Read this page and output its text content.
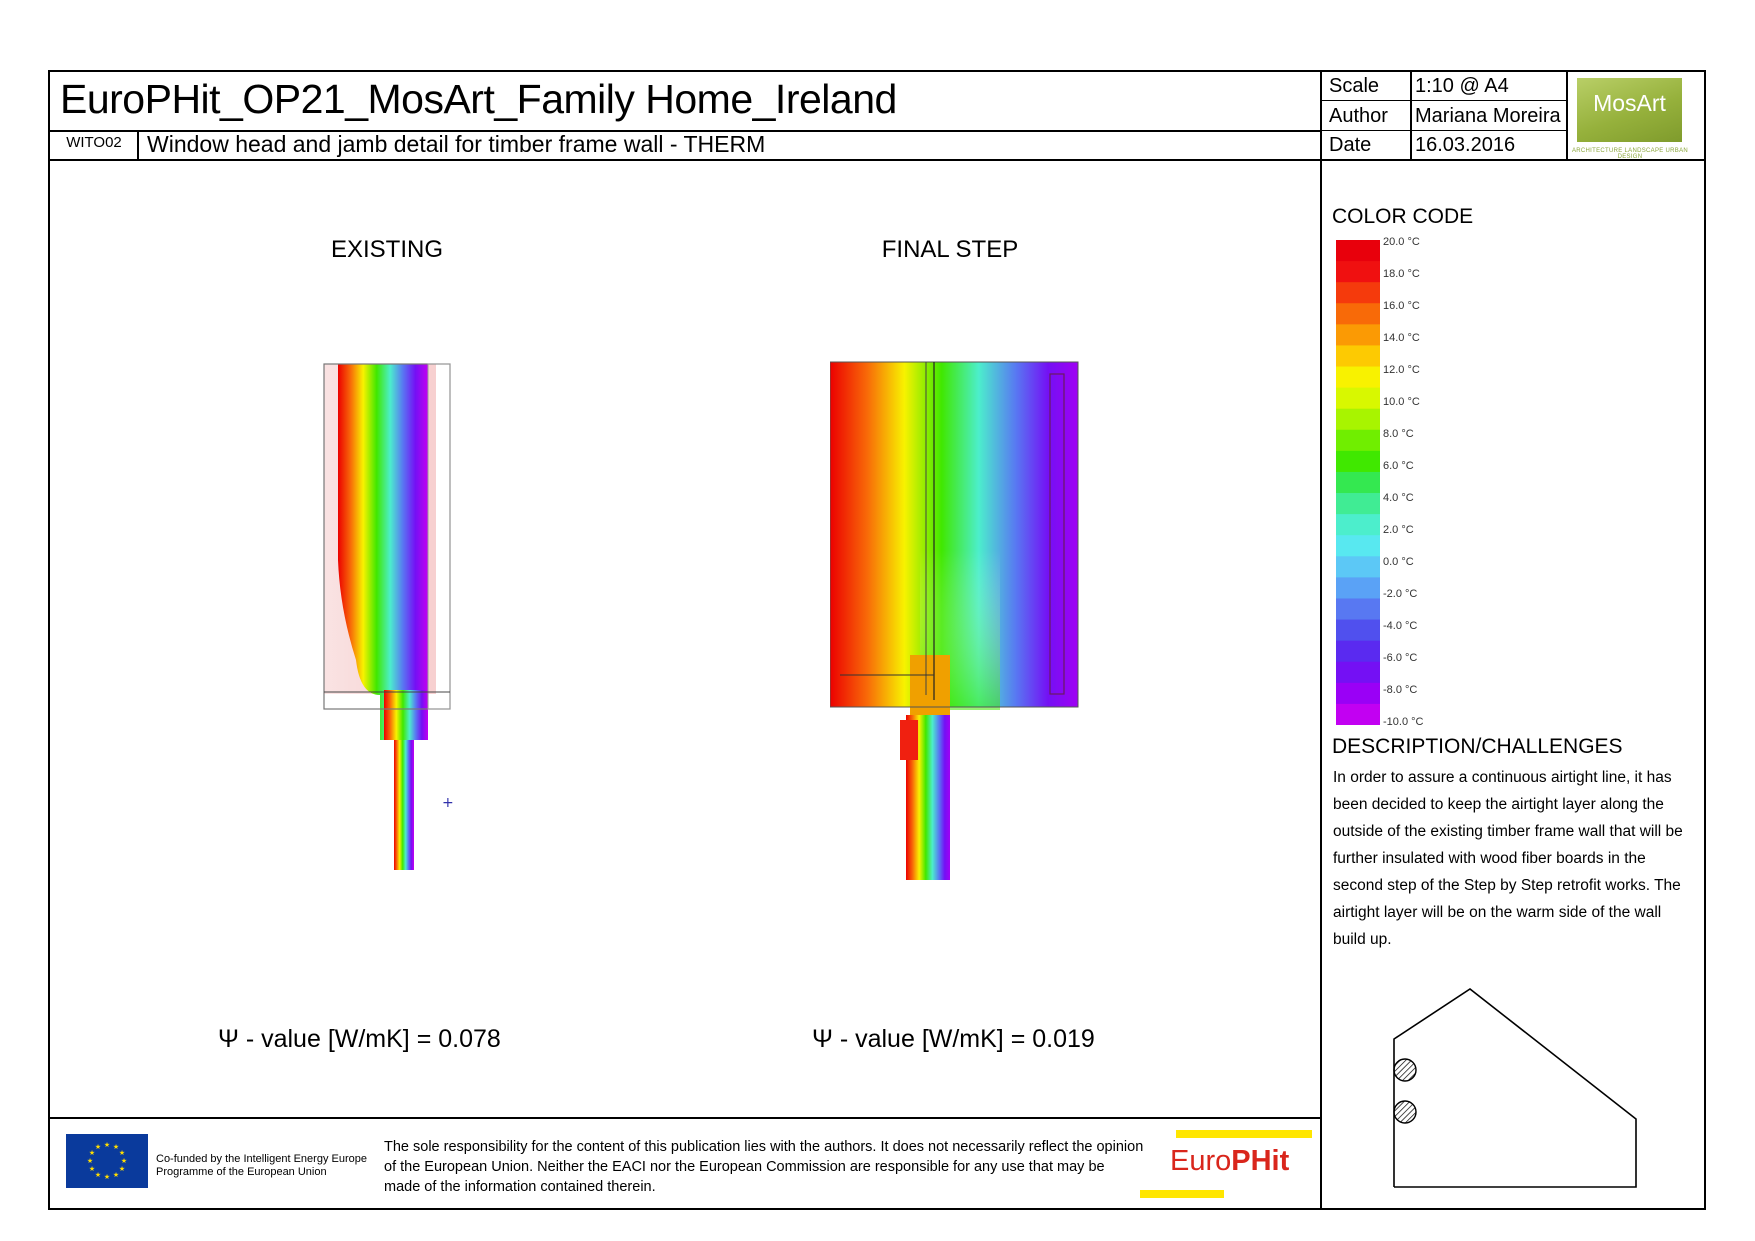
EuroPHit_OP21_MosArt_Family Home_Ireland
WITO02	Window head and jamb detail for timber frame wall - THERM
Scale 1:10 @ A4
Author Mariana Moreira
Date 16.03.2016
MosArt
ARCHITECTURE LANDSCAPE URBAN DESIGN
EXISTING	FINAL STEP
+
Ψ - value [W/mK] = 0.078	Ψ - value [W/mK] = 0.019
COLOR CODE
20.0 °C
18.0 °C
16.0 °C
14.0 °C
12.0 °C
10.0 °C
8.0 °C
6.0 °C
4.0 °C
2.0 °C
0.0 °C
-2.0 °C
-4.0 °C
-6.0 °C
-8.0 °C
-10.0 °C
DESCRIPTION/CHALLENGES
In order to assure a continuous airtight line, it has been decided to keep the airtight layer along the outside of the existing timber frame wall that will be further insulated with wood fiber boards in the second step of the Step by Step retrofit works. The airtight layer will be on the warm side of the wall build up.
★ ★
★
★
★
★
★
★
★
★
★
★
Co-funded by the Intelligent Energy Europe Programme of the European Union
The sole responsibility for the content of this publication lies with the authors. It does not necessarily reflect the opinion of the European Union. Neither the EACI nor the European Commission are responsible for any use that may be made of the information contained therein.
EuroPHit
